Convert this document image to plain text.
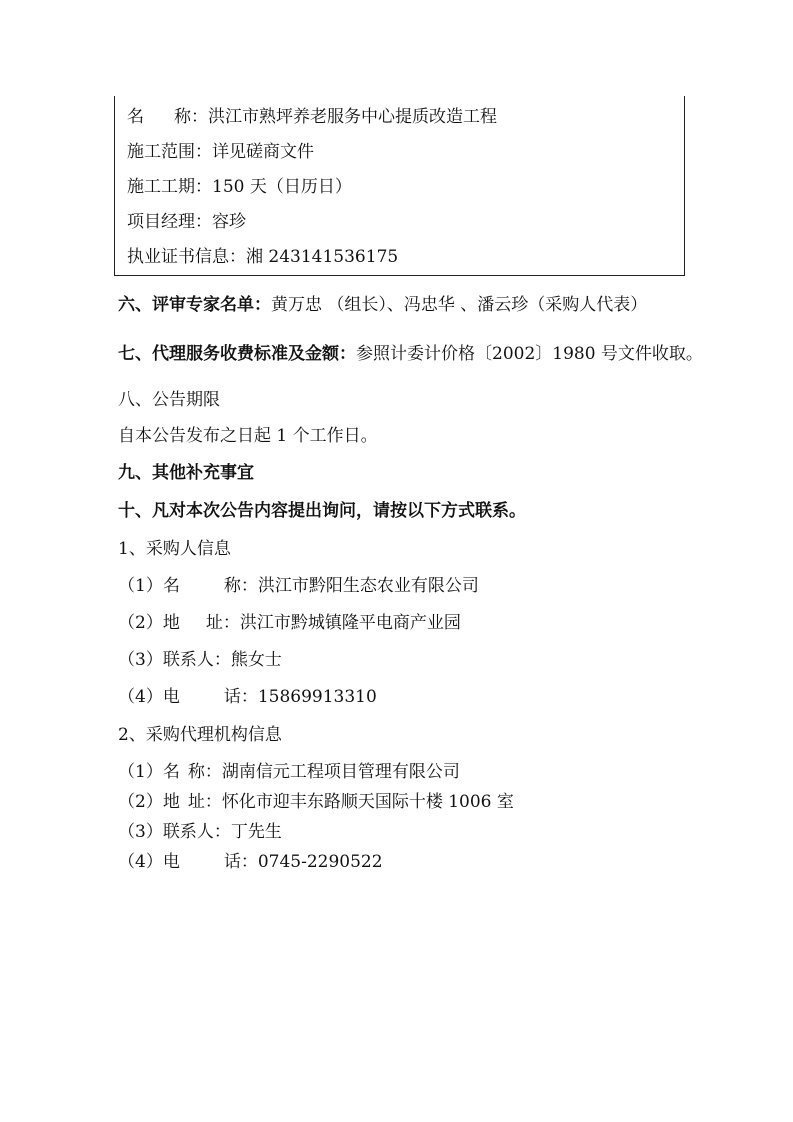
名 称：洪江市熟坪养老服务中心提质改造工程
施工范围：详见磋商文件
施工工期：150 天（日历日）
项目经理：容珍
执业证书信息：湘 243141536175
六、评审专家名单：黄万忠 （组长）、冯忠华 、潘云珍（采购人代表）
七、代理服务收费标准及金额：参照计委计价格〔2002〕1980 号文件收取。
八、公告期限
自本公告发布之日起 1 个工作日。
九、其他补充事宜
十、凡对本次公告内容提出询问，请按以下方式联系。
1、采购人信息
（1）名	称：洪江市黔阳生态农业有限公司
（2）地 址：洪江市黔城镇隆平电商产业园
（3）联系人：熊女士
（4）电	话：15869913310
2、采购代理机构信息
（1）名 称：湖南信元工程项目管理有限公司
（2）地 址：怀化市迎丰东路顺天国际十楼 1006 室
（3）联系人：丁先生
（4）电	话：0745-2290522
